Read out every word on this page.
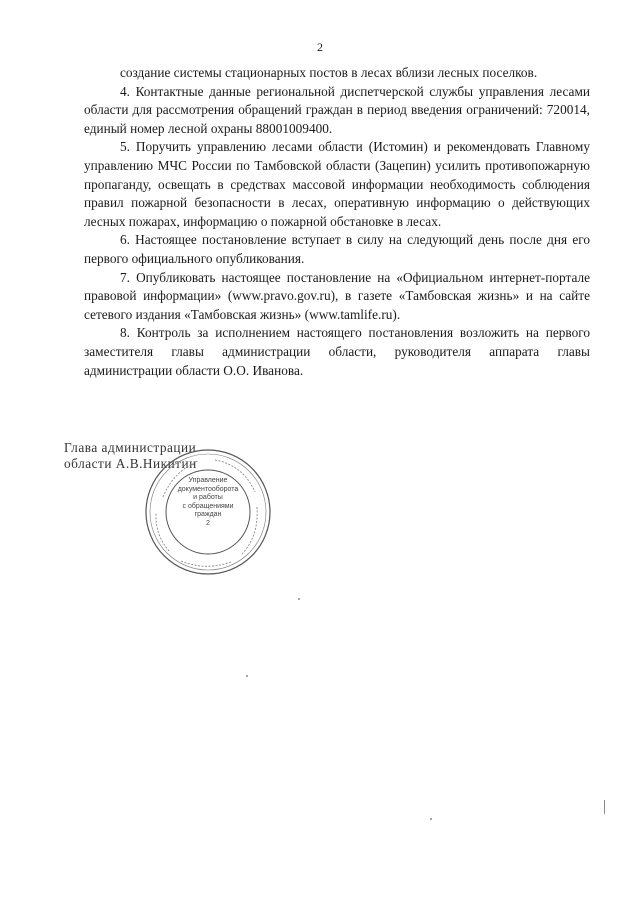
2

создание системы стационарных постов в лесах вблизи лесных поселков.

4. Контактные данные региональной диспетчерской службы управления лесами области для рассмотрения обращений граждан в период введения ограничений: 720014, единый номер лесной охраны 88001009400.

5. Поручить управлению лесами области (Истомин) и рекомендовать Главному управлению МЧС России по Тамбовской области (Зацепин) усилить противопожарную пропаганду, освещать в средствах массовой информации необходимость соблюдения правил пожарной безопасности в лесах, оперативную информацию о действующих лесных пожарах, информацию о пожарной обстановке в лесах.

6. Настоящее постановление вступает в силу на следующий день после дня его первого официального опубликования.

7. Опубликовать настоящее постановление на «Официальном интернет-портале правовой информации» (www.pravo.gov.ru), в газете «Тамбовская жизнь» и на сайте сетевого издания «Тамбовская жизнь» (www.tamlife.ru).

8. Контроль за исполнением настоящего постановления возложить на первого заместителя главы администрации области, руководителя аппарата главы администрации области О.О. Иванова.

Глава администрации
области А.В.Никитин
Управление
документооборота
и работы
с обращениями
граждан
2
